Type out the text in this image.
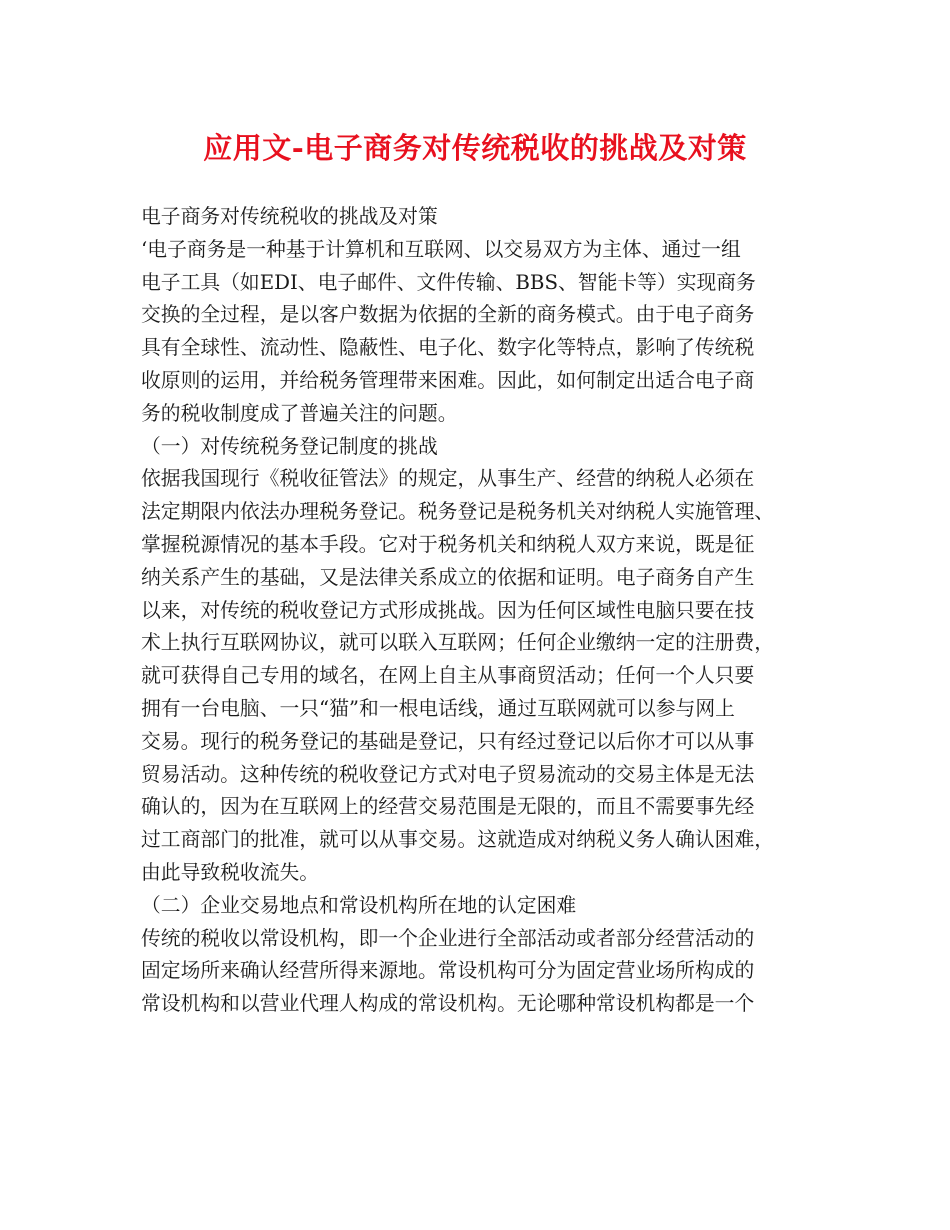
应用文-电子商务对传统税收的挑战及对策
电子商务对传统税收的挑战及对策
‘电子商务是一种基于计算机和互联网、以交易双方为主体、通过一组
电子工具（如EDI、电子邮件、文件传输、BBS、智能卡等）实现商务
交换的全过程，是以客户数据为依据的全新的商务模式。由于电子商务
具有全球性、流动性、隐蔽性、电子化、数字化等特点，影响了传统税
收原则的运用，并给税务管理带来困难。因此，如何制定出适合电子商
务的税收制度成了普遍关注的问题。
（一）对传统税务登记制度的挑战
依据我国现行《税收征管法》的规定，从事生产、经营的纳税人必须在
法定期限内依法办理税务登记。税务登记是税务机关对纳税人实施管理、
掌握税源情况的基本手段。它对于税务机关和纳税人双方来说，既是征
纳关系产生的基础，又是法律关系成立的依据和证明。电子商务自产生
以来，对传统的税收登记方式形成挑战。因为任何区域性电脑只要在技
术上执行互联网协议，就可以联入互联网；任何企业缴纳一定的注册费，
就可获得自己专用的域名，在网上自主从事商贸活动；任何一个人只要
拥有一台电脑、一只“猫”和一根电话线，通过互联网就可以参与网上
交易。现行的税务登记的基础是登记，只有经过登记以后你才可以从事
贸易活动。这种传统的税收登记方式对电子贸易流动的交易主体是无法
确认的，因为在互联网上的经营交易范围是无限的，而且不需要事先经
过工商部门的批准，就可以从事交易。这就造成对纳税义务人确认困难，
由此导致税收流失。
（二）企业交易地点和常设机构所在地的认定困难
传统的税收以常设机构，即一个企业进行全部活动或者部分经营活动的
固定场所来确认经营所得来源地。常设机构可分为固定营业场所构成的
常设机构和以营业代理人构成的常设机构。无论哪种常设机构都是一个
